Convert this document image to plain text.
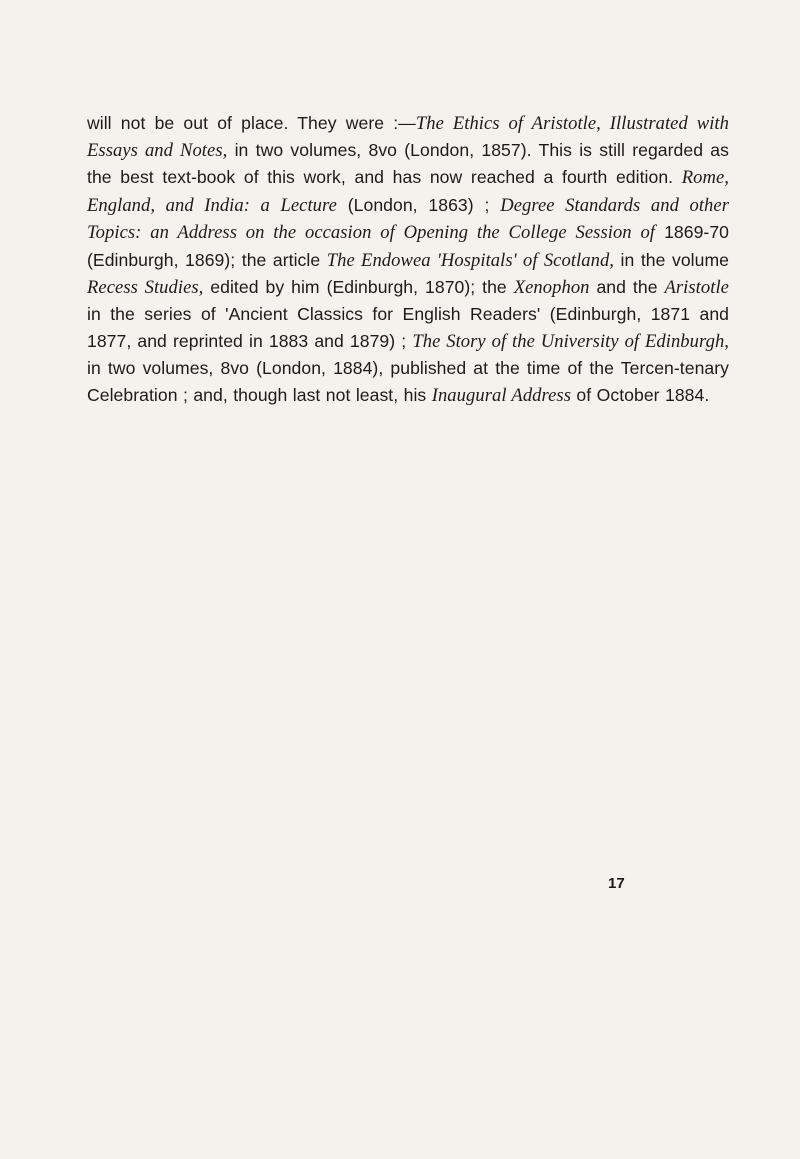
will not be out of place. They were :—The Ethics of Aristotle, Illustrated with Essays and Notes, in two volumes, 8vo (London, 1857). This is still regarded as the best text-book of this work, and has now reached a fourth edition. Rome, England, and India: a Lecture (London, 1863) ; Degree Standards and other Topics: an Address on the occasion of Opening the College Session of 1869-70 (Edinburgh, 1869); the article The Endowea 'Hospitals' of Scotland, in the volume Recess Studies, edited by him (Edinburgh, 1870); the Xenophon and the Aristotle in the series of 'Ancient Classics for English Readers' (Edinburgh, 1871 and 1877, and reprinted in 1883 and 1879) ; The Story of the University of Edinburgh, in two volumes, 8vo (London, 1884), published at the time of the Tercen-tenary Celebration ; and, though last not least, his Inaugural Address of October 1884.

17
